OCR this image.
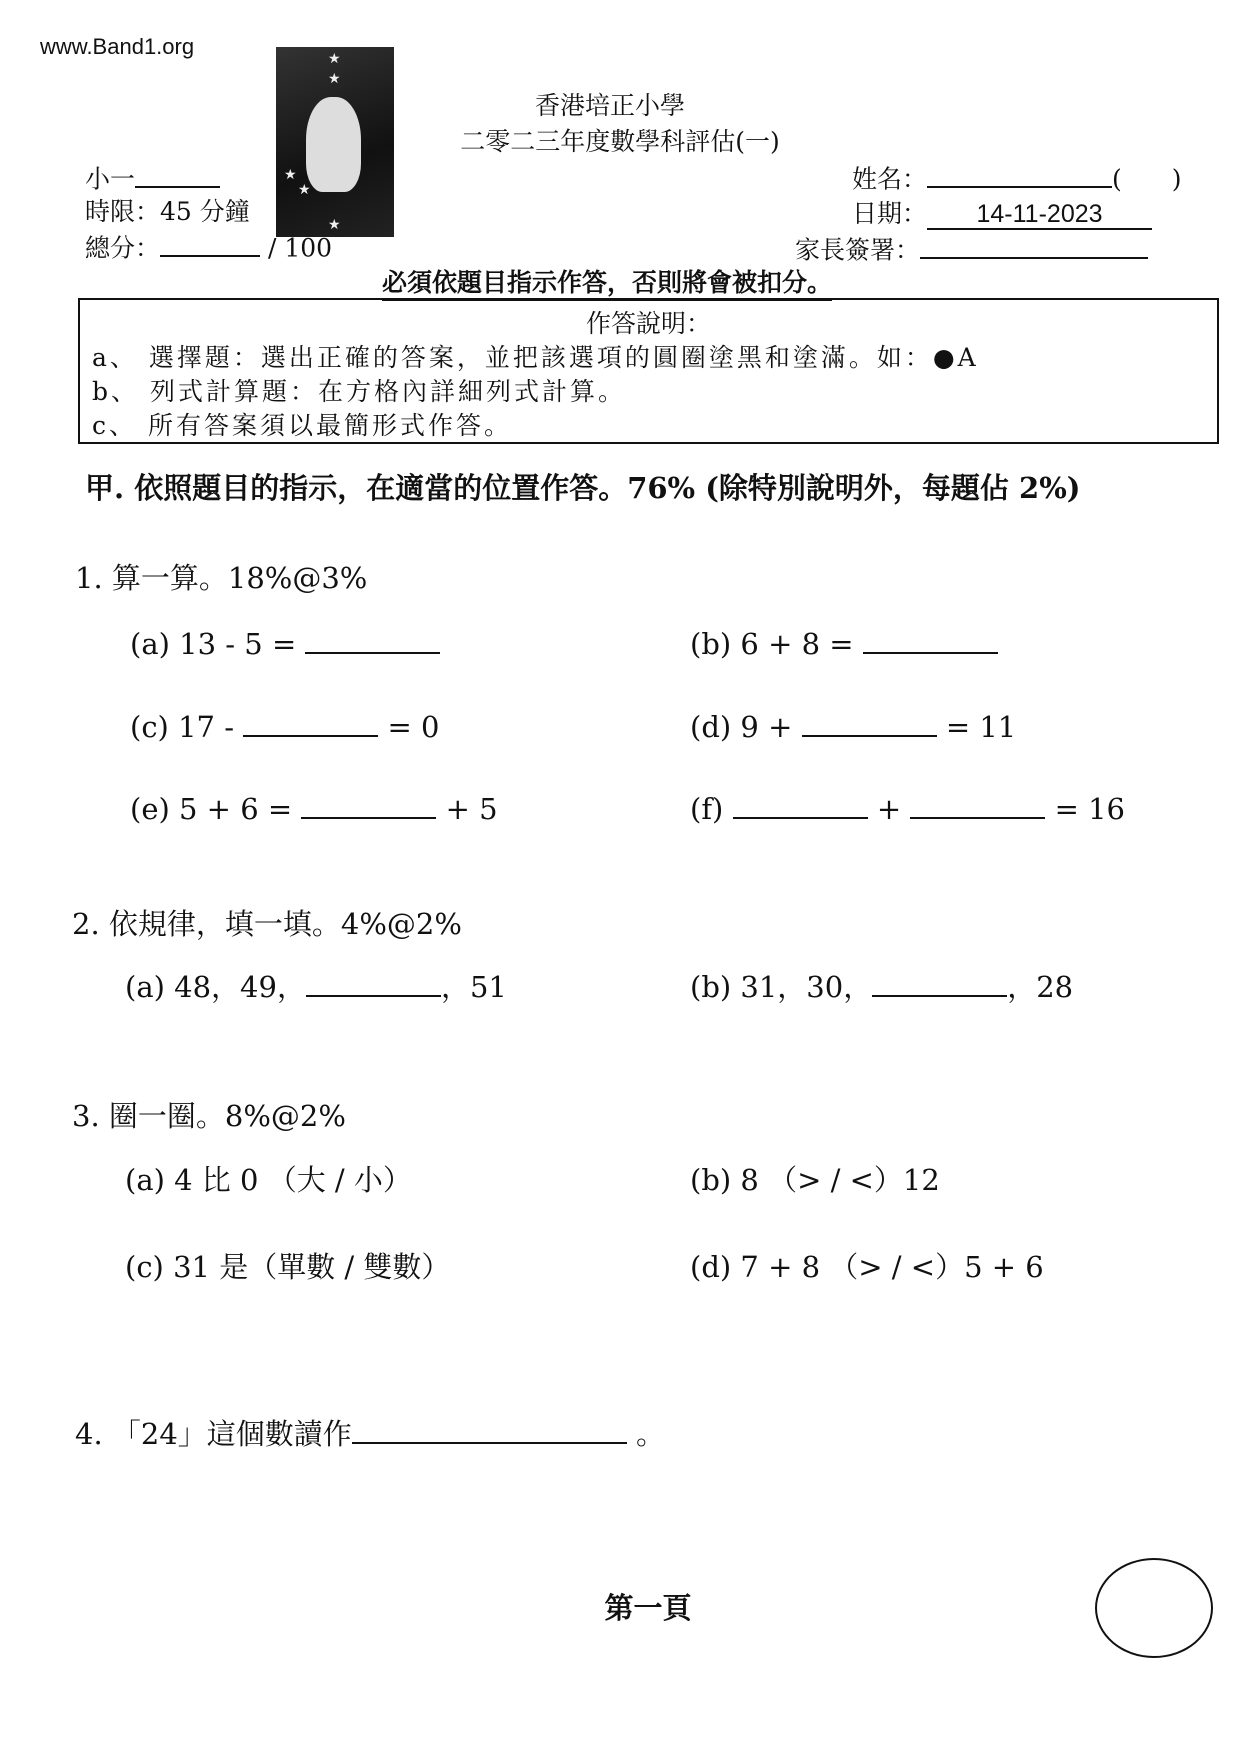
www.Band1.org	★
★
★
★
★
香港培正小學
二零二三年度數學科評估(一)
小一
時限：45 分鐘
總分：	/ 100
姓名：	(　　)
日期： 14-11-2023
家長簽署：
必須依題目指示作答，否則將會被扣分。
作答說明：
a、 選擇題：選出正確的答案，並把該選項的圓圈塗黑和塗滿。如：●A
b、 列式計算題：在方格內詳細列式計算。
c、 所有答案須以最簡形式作答。
甲. 依照題目的指示，在適當的位置作答。76% (除特別說明外，每題佔 2%)
1. 算一算。18%@3%
(a) 13 - 5 =	(b) 6 + 8 =
(c) 17 -	= 0	(d) 9 +	= 11
(e) 5 + 6 =	+ 5	(f)	+	= 16
2. 依規律，填一填。4%@2%
(a) 48，49，	，51	(b) 31，30，	，28
3. 圈一圈。8%@2%
(a) 4 比 0 （大 / 小）	(b) 8 （> / <）12
(c) 31 是（單數 / 雙數）	(d) 7 + 8 （> / <）5 + 6
4. 「24」這個數讀作	。
第一頁
